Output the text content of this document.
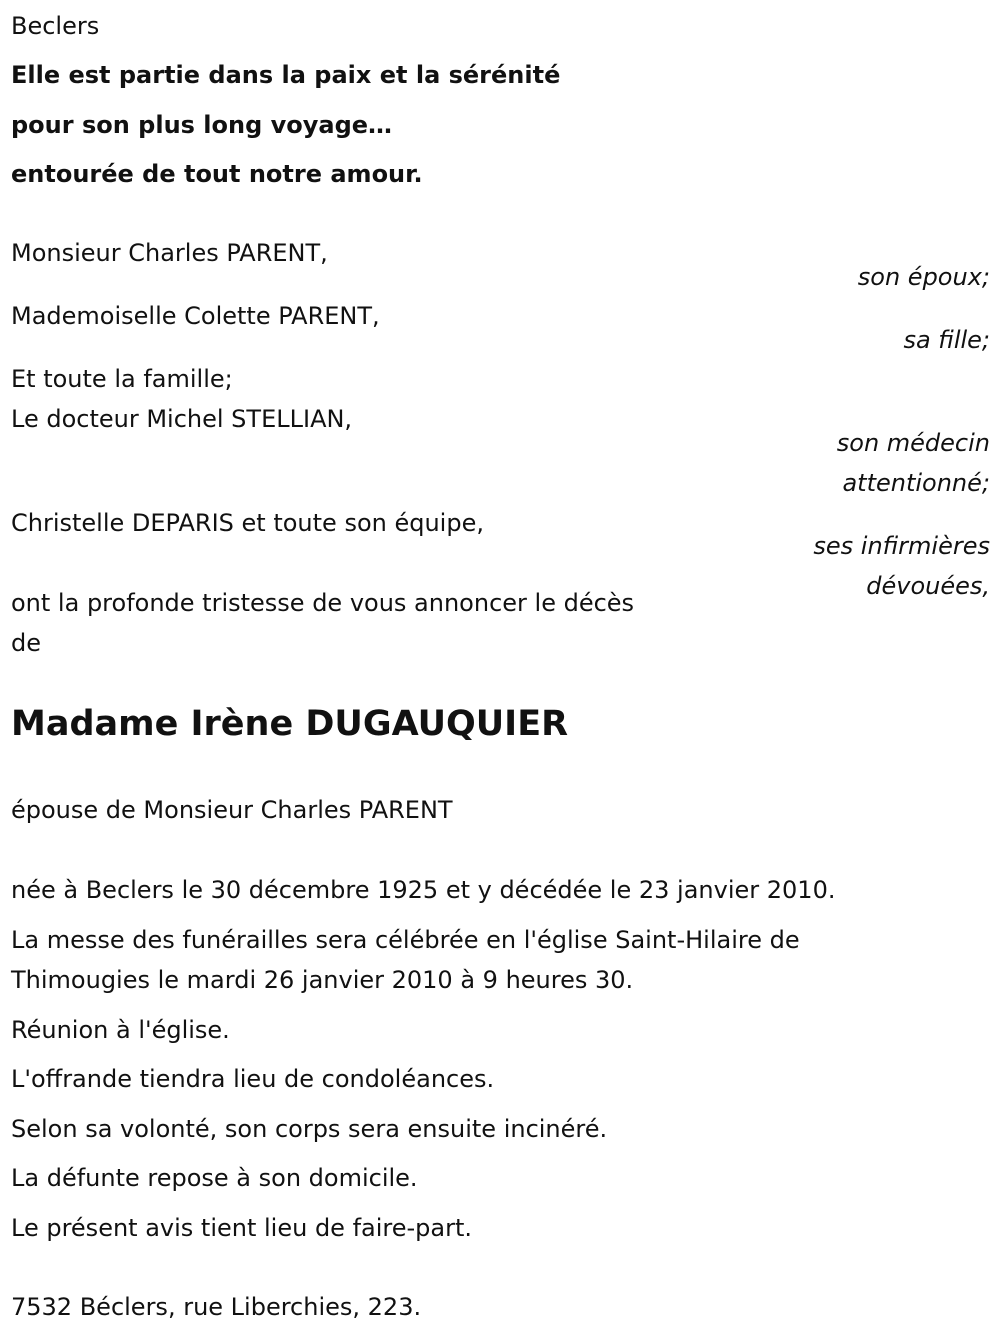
Beclers

Elle est partie dans la paix et la sérénité

pour son plus long voyage…

entourée de tout notre amour.

Monsieur Charles PARENT,

son époux;

Mademoiselle Colette PARENT,

sa fille;

Et toute la famille;

Le docteur Michel STELLIAN,

son médecin

attentionné;

Christelle DEPARIS et toute son équipe,

ses infirmières

dévouées,

ont la profonde tristesse de vous annoncer le décès

de

Madame Irène DUGAUQUIER

épouse de Monsieur Charles PARENT

née à Beclers le 30 décembre 1925 et y décédée le 23 janvier 2010.

La messe des funérailles sera célébrée en l'église Saint-Hilaire de

Thimougies le mardi 26 janvier 2010 à 9 heures 30.

Réunion à l'église.

L'offrande tiendra lieu de condoléances.

Selon sa volonté, son corps sera ensuite incinéré.

La défunte repose à son domicile.

Le présent avis tient lieu de faire-part.

7532 Béclers, rue Liberchies, 223.
